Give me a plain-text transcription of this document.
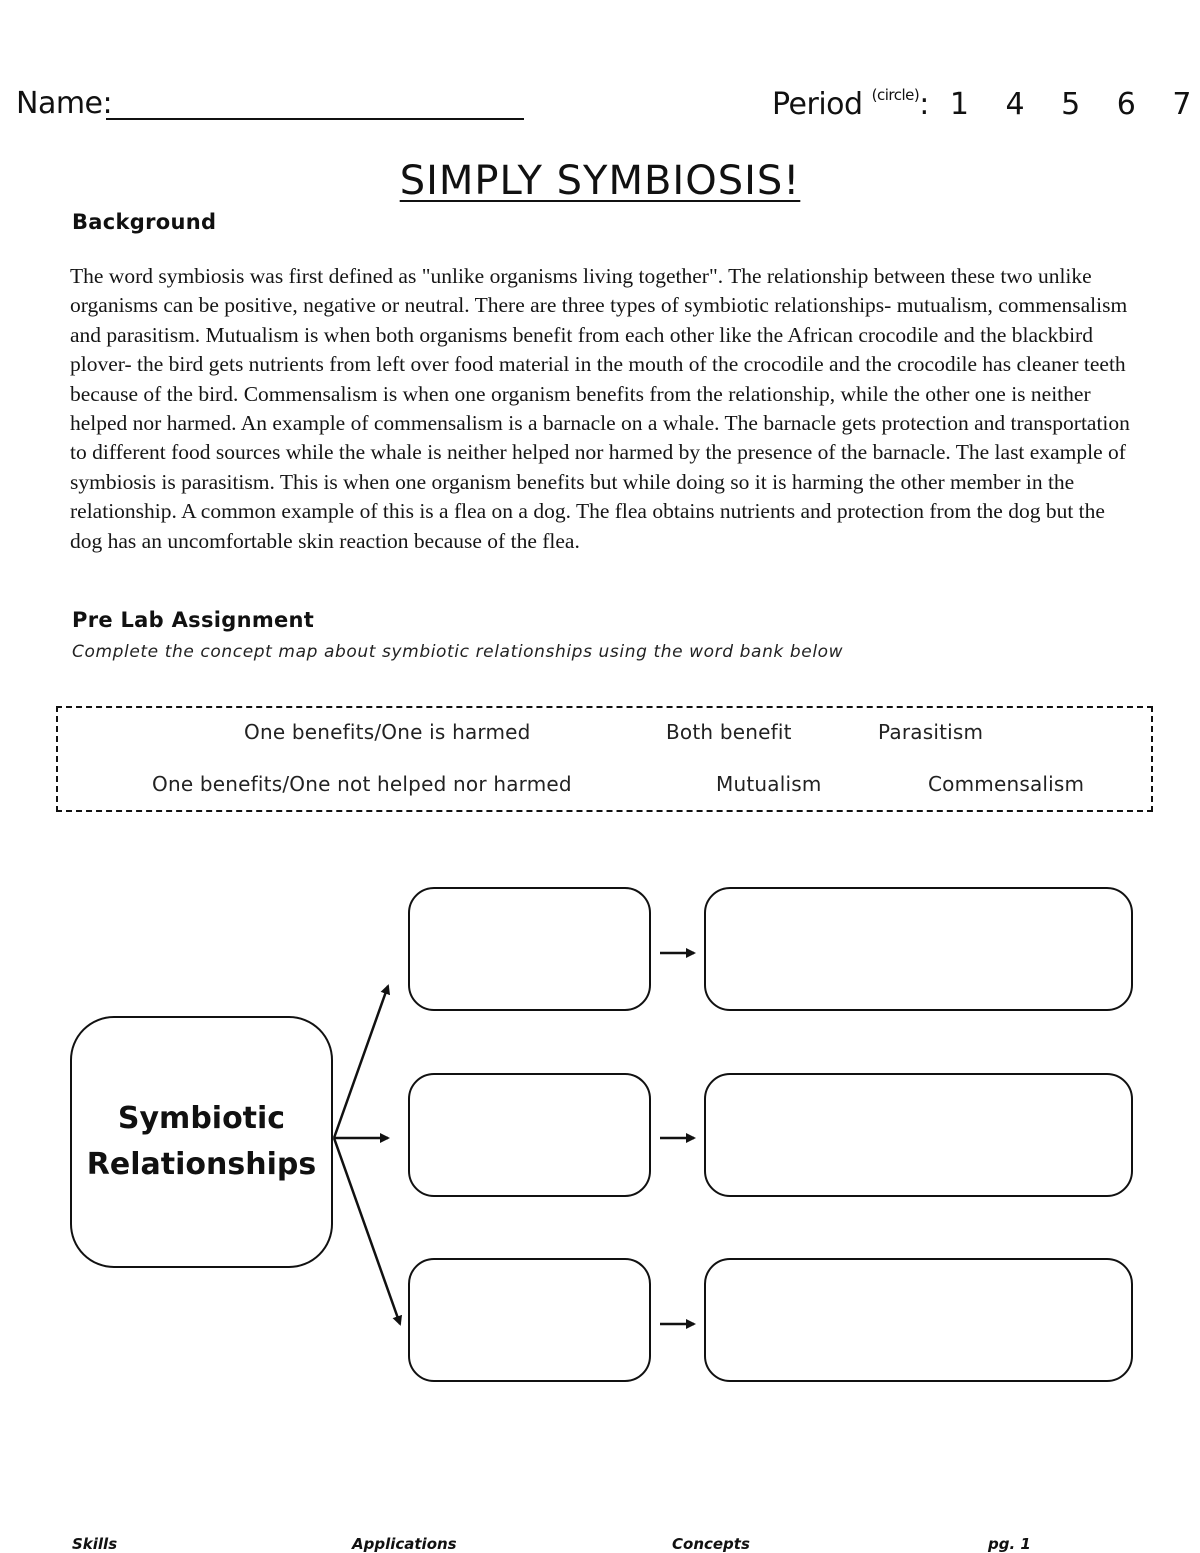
Name:	Period $^{(circle)}$: 1 4 5 6 7
SIMPLY SYMBIOSIS!
Background
The word symbiosis was first defined as "unlike organisms living together". The relationship between these two unlike organisms can be positive, negative or neutral. There are three types of symbiotic relationships- mutualism, commensalism and parasitism. Mutualism is when both organisms benefit from each other like the African crocodile and the blackbird plover- the bird gets nutrients from left over food material in the mouth of the crocodile and the crocodile has cleaner teeth because of the bird. Commensalism is when one organism benefits from the relationship, while the other one is neither helped nor harmed. An example of commensalism is a barnacle on a whale. The barnacle gets protection and transportation to different food sources while the whale is neither helped nor harmed by the presence of the barnacle. The last example of symbiosis is parasitism. This is when one organism benefits but while doing so it is harming the other member in the relationship. A common example of this is a flea on a dog. The flea obtains nutrients and protection from the dog but the dog has an uncomfortable skin reaction because of the flea.
Pre Lab Assignment
Complete the concept map about symbiotic relationships using the word bank below
One benefits/One is harmed	Both benefit	Parasitism
One benefits/One not helped nor harmed	Mutualism	Commensalism
Symbiotic
Relationships
Skills	Applications	Concepts	pg. 1
